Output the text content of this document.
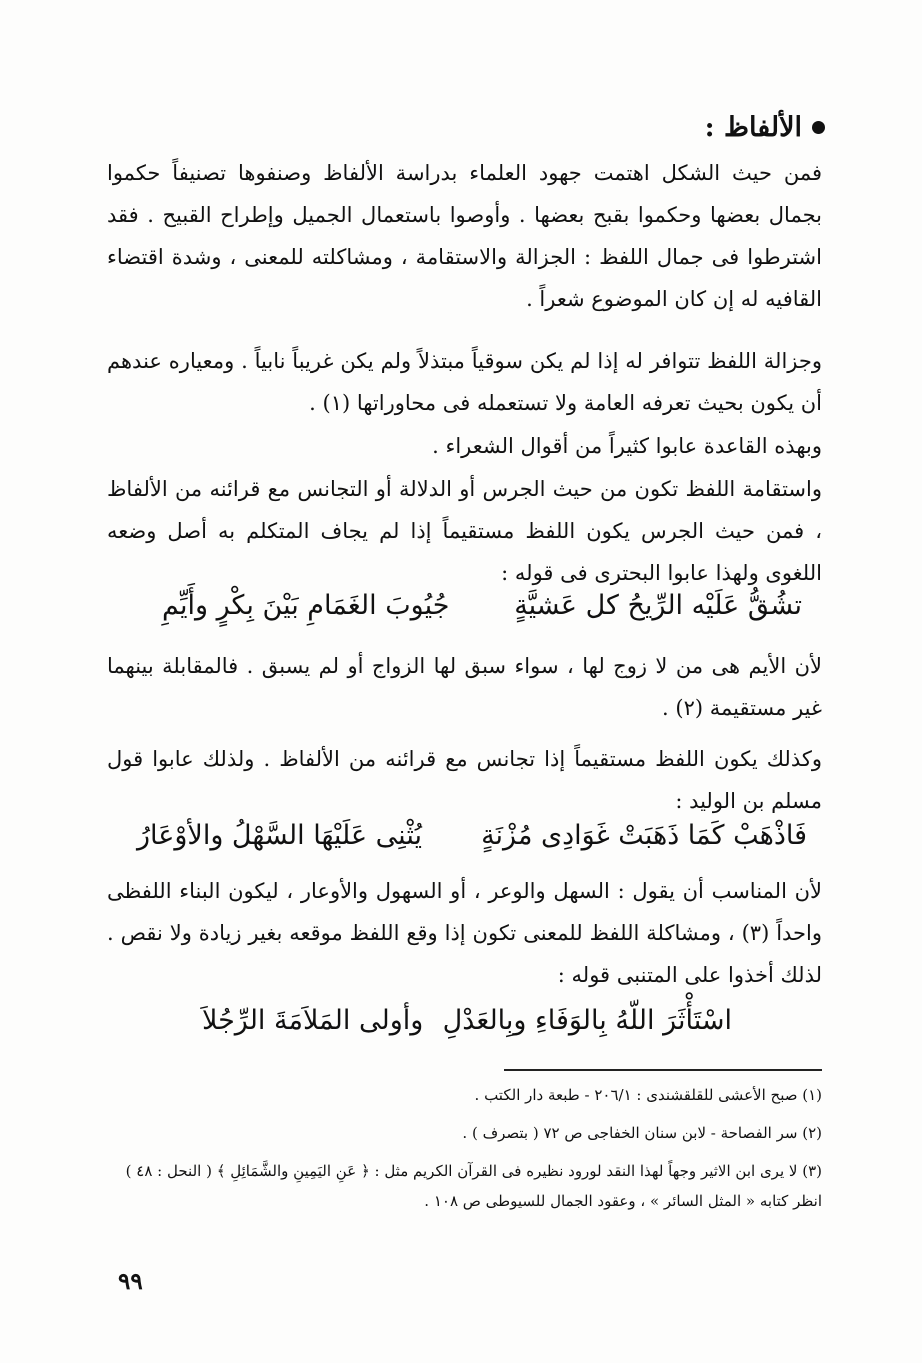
الألفاظ :

فمن حيث الشكل اهتمت جهود العلماء بدراسة الألفاظ وصنفوها تصنيفاً حكموا بجمال بعضها وحكموا بقبح بعضها . وأوصوا باستعمال الجميل وإطراح القبيح . فقد اشترطوا فى جمال اللفظ : الجزالة والاستقامة ، ومشاكلته للمعنى ، وشدة اقتضاء القافيه له إن كان الموضوع شعراً .

وجزالة اللفظ تتوافر له إذا لم يكن سوقياً مبتذلاً ولم يكن غريباً نابياً . ومعياره عندهم أن يكون بحيث تعرفه العامة ولا تستعمله فى محاوراتها (١) .

وبهذه القاعدة عابوا كثيراً من أقوال الشعراء .

واستقامة اللفظ تكون من حيث الجرس أو الدلالة أو التجانس مع قرائنه من الألفاظ ، فمن حيث الجرس يكون اللفظ مستقيماً إذا لم يجاف المتكلم به أصل وضعه اللغوى ولهذا عابوا البحترى فى قوله :

تشُقُّ عَلَيْه الرِّيحُ كل عَشيَّةٍ
جُيُوبَ الغَمَامِ بَيْنَ بِكْرٍ وأَيِّمِ

لأن الأيم هى من لا زوج لها ، سواء سبق لها الزواج أو لم يسبق . فالمقابلة بينهما غير مستقيمة (٢) .

وكذلك يكون اللفظ مستقيماً إذا تجانس مع قرائنه من الألفاظ . ولذلك عابوا قول مسلم بن الوليد :

فَاذْهَبْ كَمَا ذَهَبَتْ غَوَادِى مُزْنَةٍ
يُثْنِى عَلَيْهَا السَّهْلُ والأوْعَارُ

لأن المناسب أن يقول : السهل والوعر ، أو السهول والأوعار ، ليكون البناء اللفظى واحداً (٣) ، ومشاكلة اللفظ للمعنى تكون إذا وقع اللفظ موقعه بغير زيادة ولا نقص . لذلك أخذوا على المتنبى قوله :

اسْتَأْثَرَ اللّهُ بِالوَفَاءِ وبِالعَدْلِ
وأولى المَلاَمَةَ الرِّجُلاَ
(١) صبح الأعشى للقلقشندى : ٢٠٦/١ - طبعة دار الكتب .
(٢) سر الفصاحة - لابن سنان الخفاجى ص ٧٢ ( بتصرف ) .
(٣) لا يرى ابن الاثير وجهاً لهذا النقد لورود نظيره فى القرآن الكريم مثل : ﴿ عَنِ اليَمِينِ والشَّمَائِلِ ﴾ ( النحل : ٤٨ ) انظر كتابه « المثل السائر » ، وعقود الجمال للسيوطى ص ١٠٨ .
٩٩
